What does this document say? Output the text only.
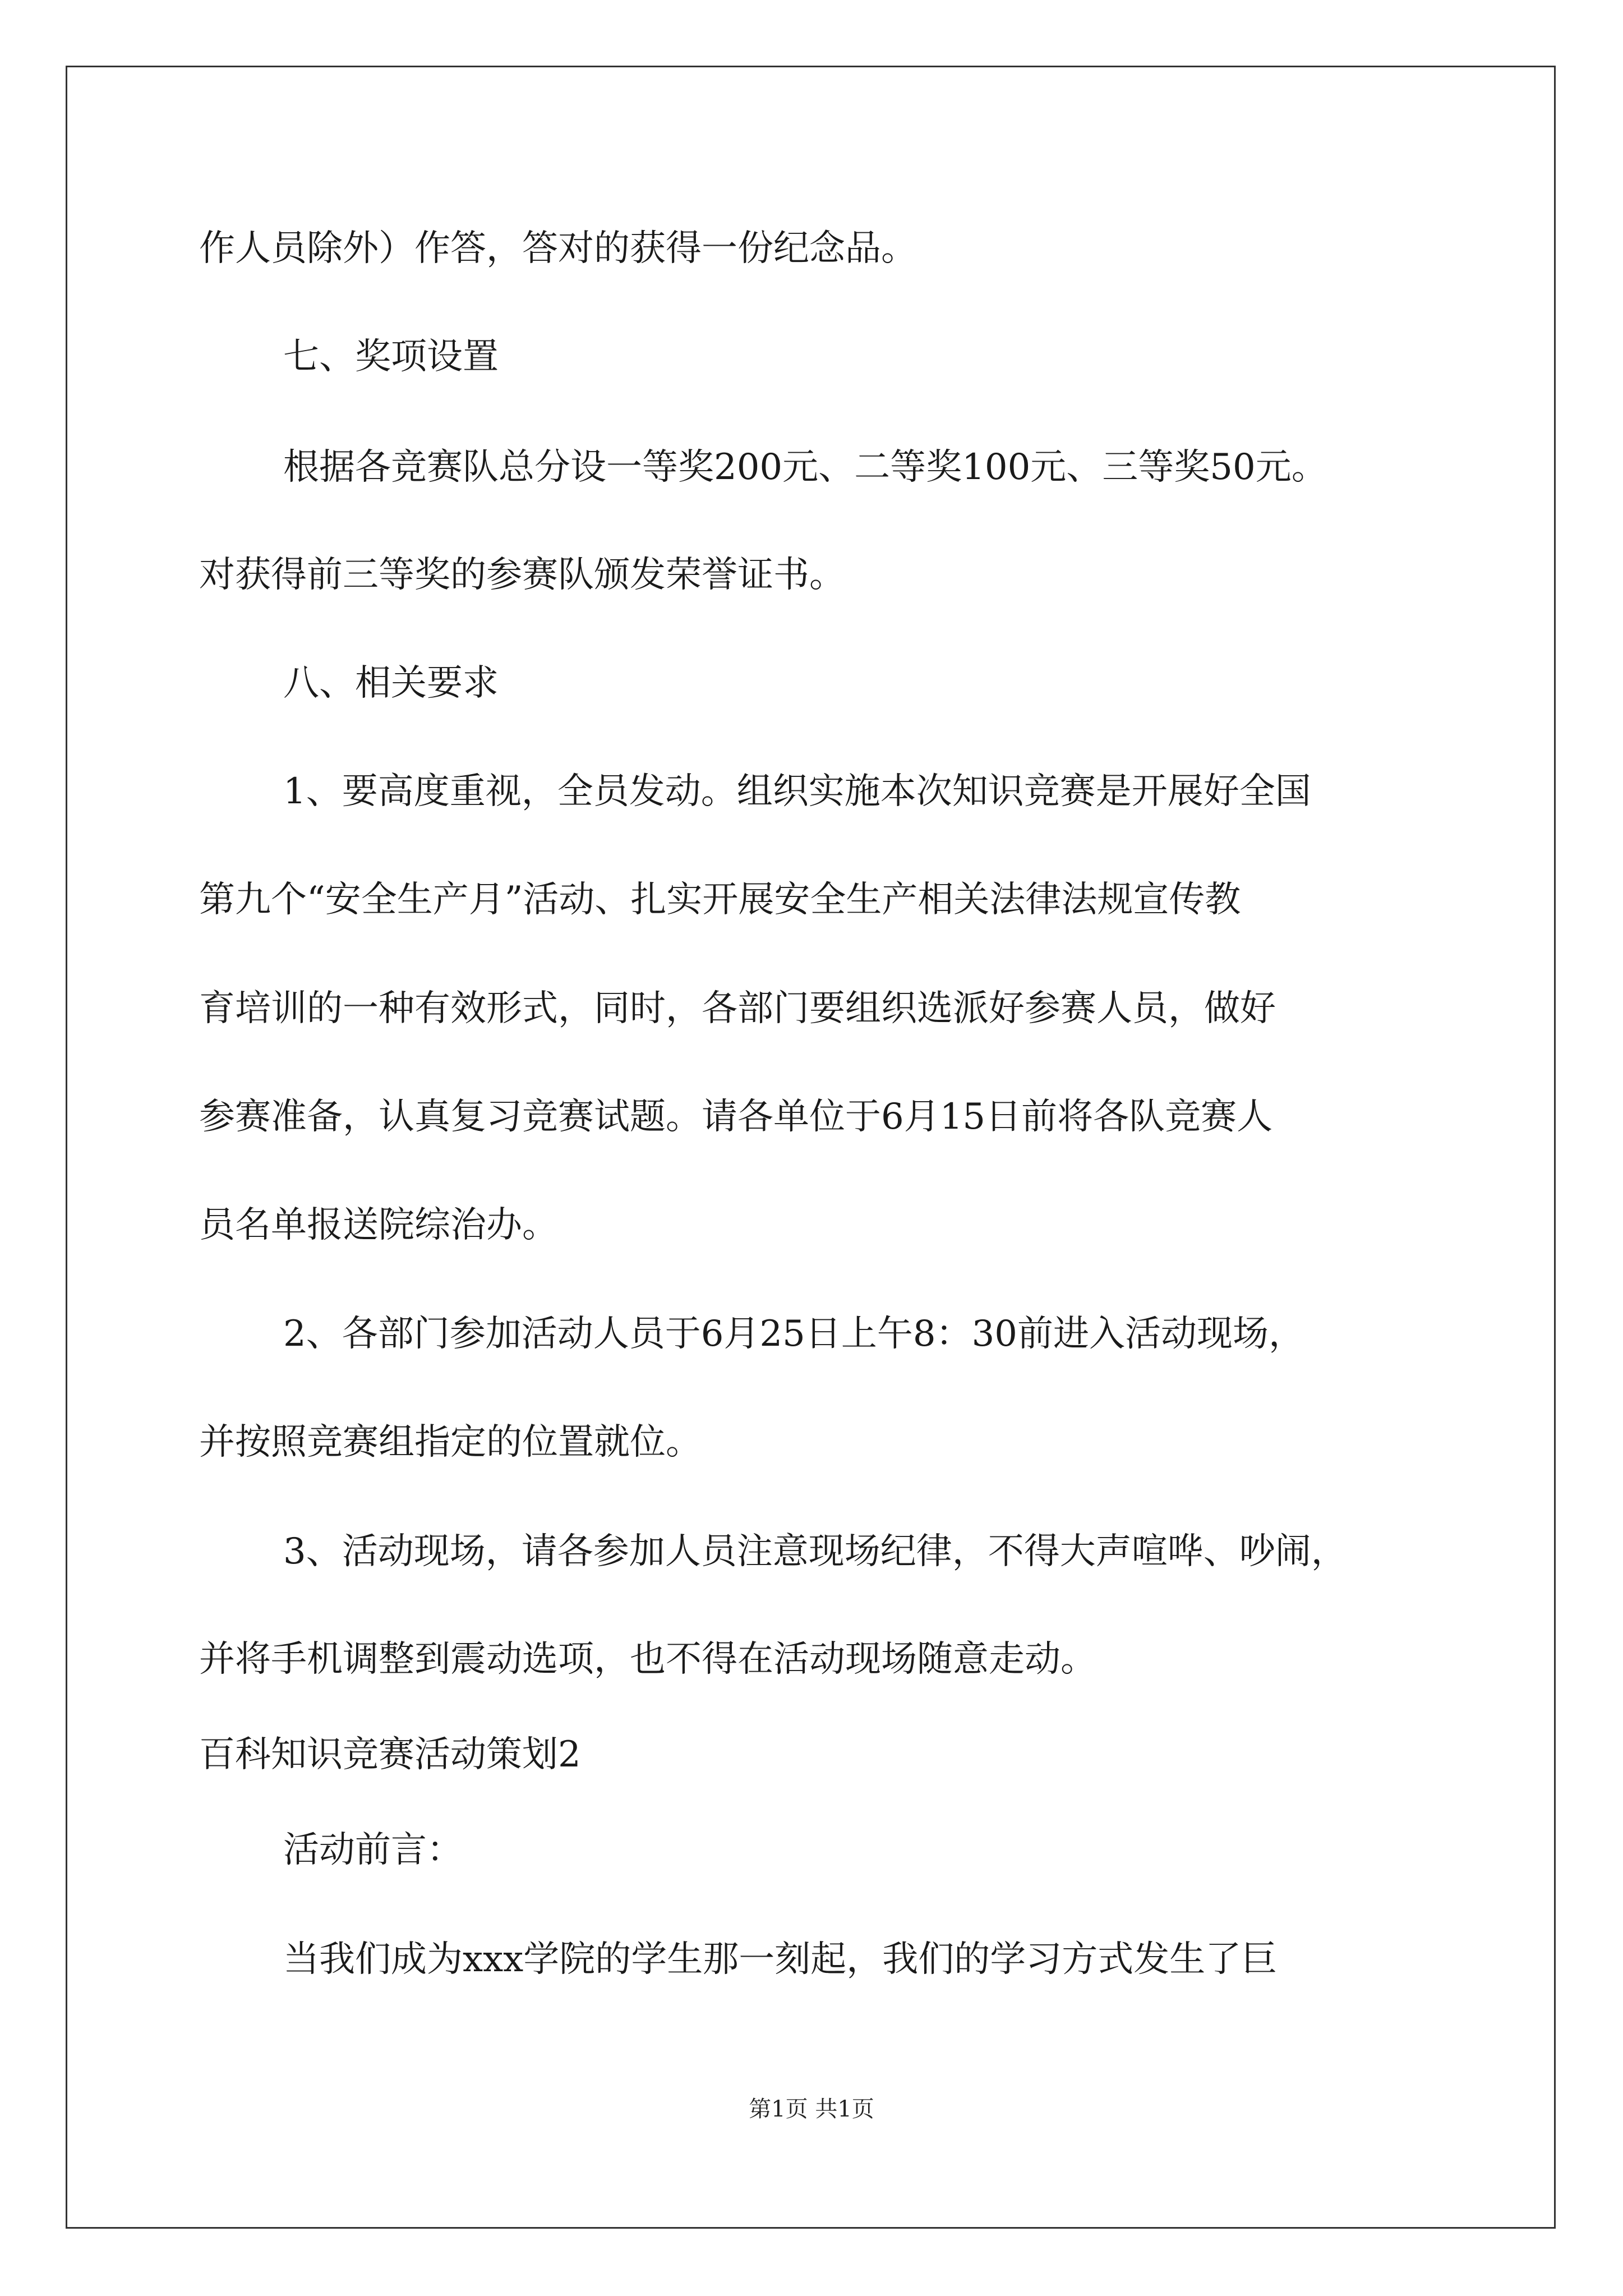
作人员除外）作答，答对的获得一份纪念品。
七、奖项设置
根据各竞赛队总分设一等奖200元、二等奖100元、三等奖50元。
对获得前三等奖的参赛队颁发荣誉证书。
八、相关要求
1、要高度重视，全员发动。组织实施本次知识竞赛是开展好全国
第九个“安全生产月”活动、扎实开展安全生产相关法律法规宣传教
育培训的一种有效形式，同时，各部门要组织选派好参赛人员，做好
参赛准备，认真复习竞赛试题。请各单位于6月15日前将各队竞赛人
员名单报送院综治办。
2、各部门参加活动人员于6月25日上午8：30前进入活动现场，
并按照竞赛组指定的位置就位。
3、活动现场，请各参加人员注意现场纪律，不得大声喧哗、吵闹，
并将手机调整到震动选项，也不得在活动现场随意走动。
百科知识竞赛活动策划2
活动前言：
当我们成为xxx学院的学生那一刻起，我们的学习方式发生了巨
第1页 共1页
